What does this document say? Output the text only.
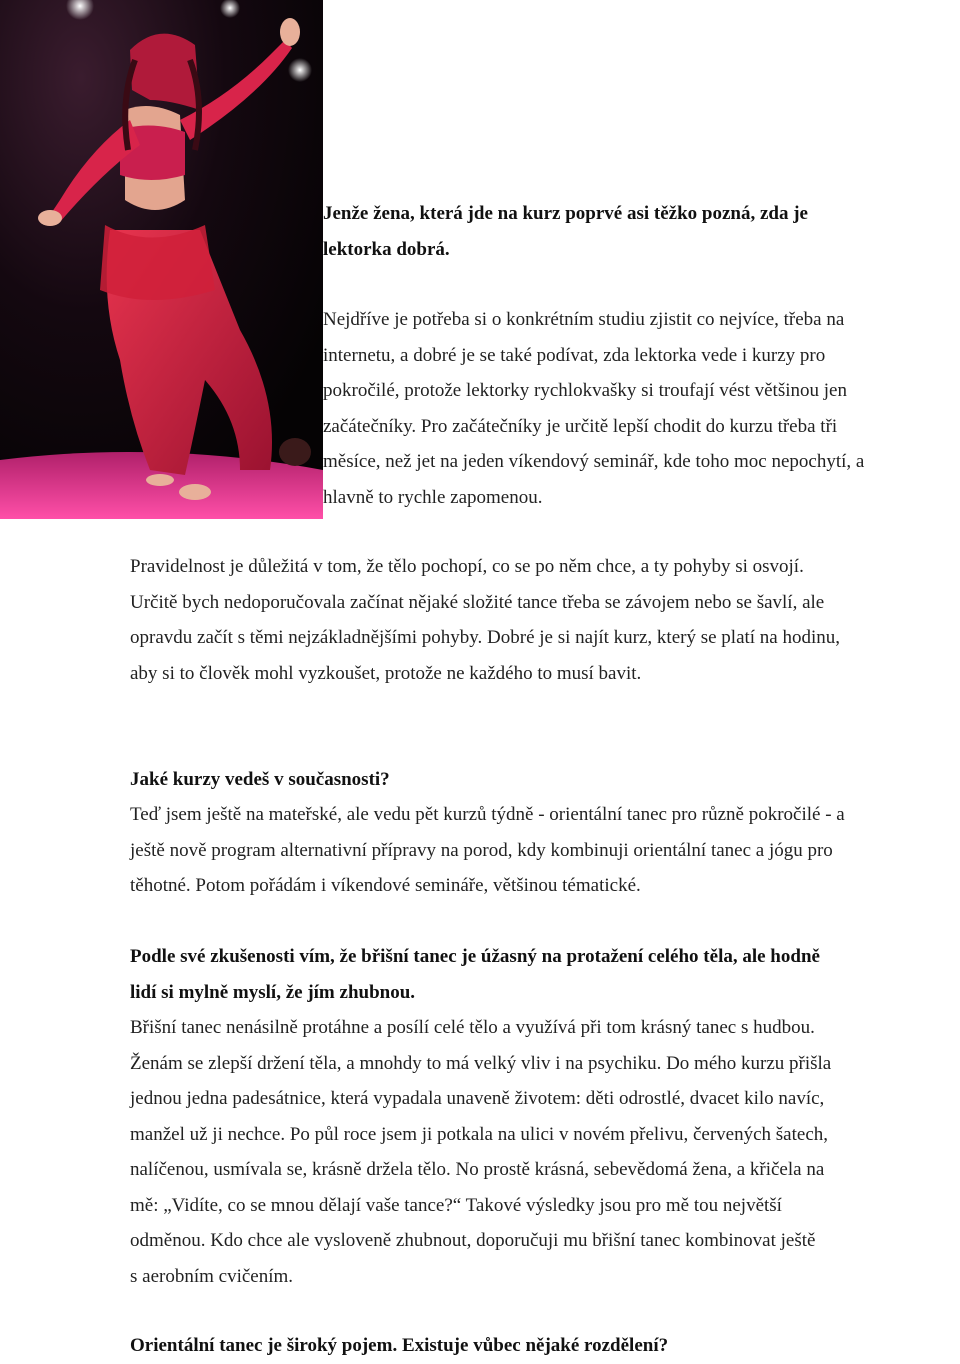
Jenže žena, která jde na kurz poprvé asi těžko pozná, zda je
lektorka dobrá.
Nejdříve je potřeba si o konkrétním studiu zjistit co nejvíce, třeba na
internetu, a dobré je se také podívat, zda lektorka vede i kurzy pro
pokročilé, protože lektorky rychlokvašky si troufají vést většinou jen
začátečníky. Pro začátečníky je určitě lepší chodit do kurzu třeba tři
měsíce, než jet na jeden víkendový seminář, kde toho moc nepochytí, a
hlavně to rychle zapomenou.
Pravidelnost je důležitá v tom, že tělo pochopí, co se po něm chce, a ty pohyby si osvojí.
Určitě bych nedoporučovala začínat nějaké složité tance třeba se závojem nebo se šavlí, ale
opravdu začít s těmi nejzákladnějšími pohyby. Dobré je si najít kurz, který se platí na hodinu,
aby si to člověk mohl vyzkoušet, protože ne každého to musí bavit.
Jaké kurzy vedeš v současnosti?
Teď jsem ještě na mateřské, ale vedu pět kurzů týdně - orientální tanec pro různě pokročilé - a
ještě nově program alternativní přípravy na porod, kdy kombinuji orientální tanec a jógu pro
těhotné. Potom pořádám i víkendové semináře, většinou tématické.
Podle své zkušenosti vím, že břišní tanec je úžasný na protažení celého těla, ale hodně
lidí si mylně myslí, že jím zhubnou.
Břišní tanec nenásilně protáhne a posílí celé tělo a využívá při tom krásný tanec s hudbou.
Ženám se zlepší držení těla, a mnohdy to má velký vliv i na psychiku. Do mého kurzu přišla
jednou jedna padesátnice, která vypadala unaveně životem: děti odrostlé, dvacet kilo navíc,
manžel už ji nechce. Po půl roce jsem ji potkala na ulici v novém přelivu, červených šatech,
nalíčenou, usmívala se, krásně držela tělo. No prostě krásná, sebevědomá žena, a křičela na
mě: „Vidíte, co se mnou dělají vaše tance?“ Takové výsledky jsou pro mě tou největší
odměnou. Kdo chce ale vysloveně zhubnout, doporučuji mu břišní tanec kombinovat ještě
s aerobním cvičením.
Orientální tanec je široký pojem. Existuje vůbec nějaké rozdělení?
